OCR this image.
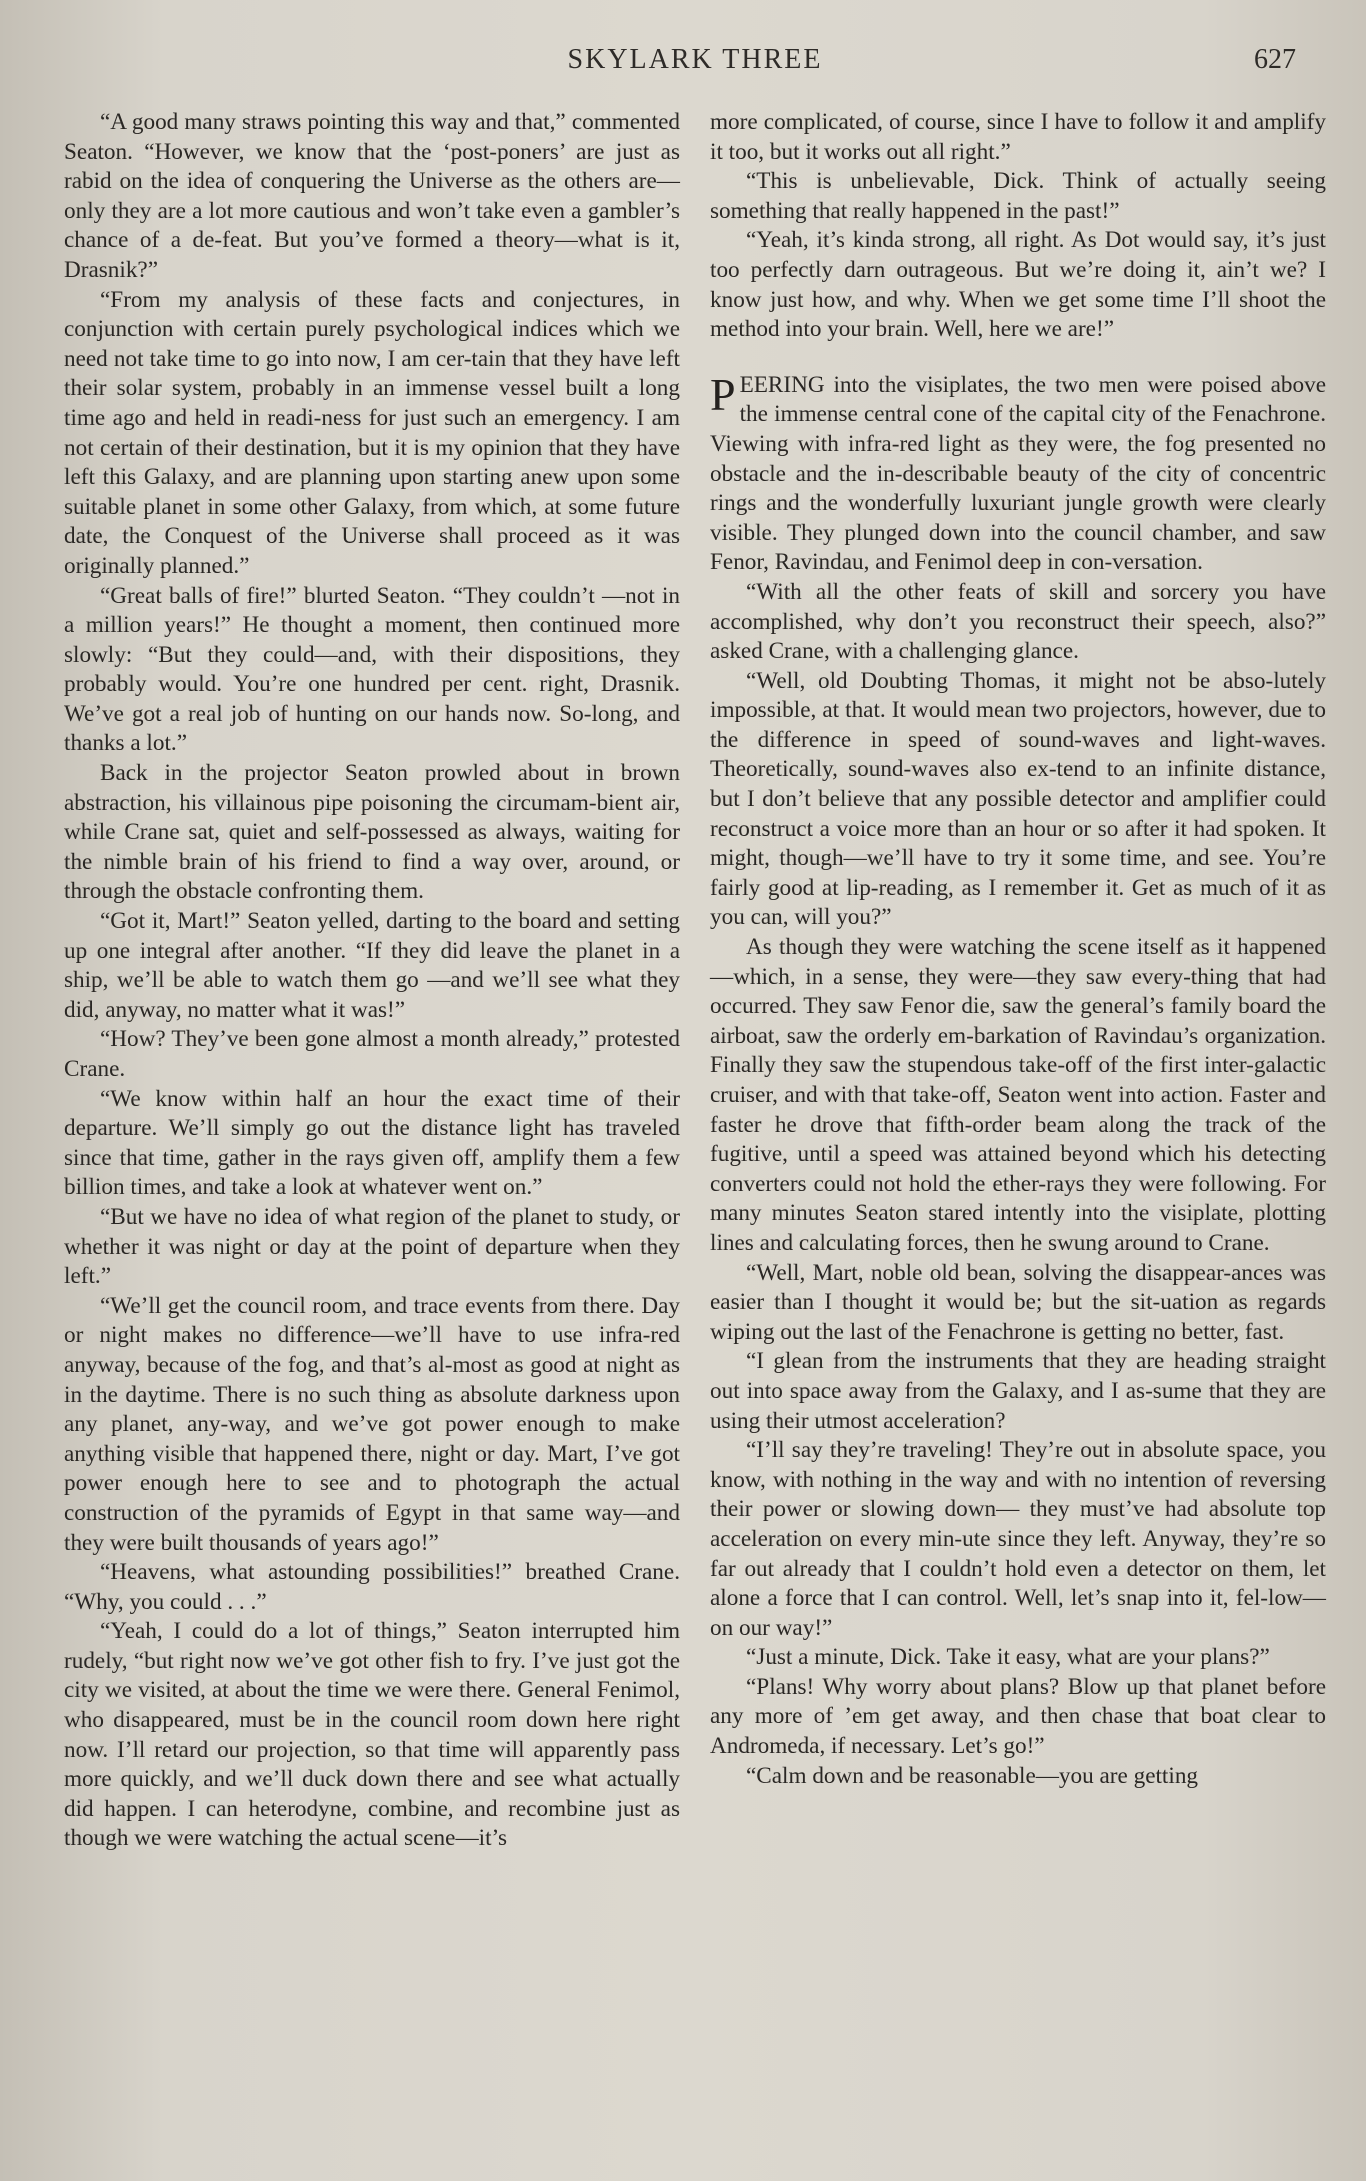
SKYLARK THREE	627

“A good many straws pointing this way and that,” commented Seaton. “However, we know that the ‘post-poners’ are just as rabid on the idea of conquering the Universe as the others are—only they are a lot more cautious and won’t take even a gambler’s chance of a de-feat. But you’ve formed a theory—what is it, Drasnik?”

“From my analysis of these facts and conjectures, in conjunction with certain purely psychological indices which we need not take time to go into now, I am cer-tain that they have left their solar system, probably in an immense vessel built a long time ago and held in readi-ness for just such an emergency. I am not certain of their destination, but it is my opinion that they have left this Galaxy, and are planning upon starting anew upon some suitable planet in some other Galaxy, from which, at some future date, the Conquest of the Universe shall proceed as it was originally planned.”

“Great balls of fire!” blurted Seaton. “They couldn’t —not in a million years!” He thought a moment, then continued more slowly: “But they could—and, with their dispositions, they probably would. You’re one hundred per cent. right, Drasnik. We’ve got a real job of hunting on our hands now. So-long, and thanks a lot.”

Back in the projector Seaton prowled about in brown abstraction, his villainous pipe poisoning the circumam-bient air, while Crane sat, quiet and self-possessed as always, waiting for the nimble brain of his friend to find a way over, around, or through the obstacle confronting them.

“Got it, Mart!” Seaton yelled, darting to the board and setting up one integral after another. “If they did leave the planet in a ship, we’ll be able to watch them go —and we’ll see what they did, anyway, no matter what it was!”

“How? They’ve been gone almost a month already,” protested Crane.

“We know within half an hour the exact time of their departure. We’ll simply go out the distance light has traveled since that time, gather in the rays given off, amplify them a few billion times, and take a look at whatever went on.”

“But we have no idea of what region of the planet to study, or whether it was night or day at the point of departure when they left.”

“We’ll get the council room, and trace events from there. Day or night makes no difference—we’ll have to use infra-red anyway, because of the fog, and that’s al-most as good at night as in the daytime. There is no such thing as absolute darkness upon any planet, any-way, and we’ve got power enough to make anything visible that happened there, night or day. Mart, I’ve got power enough here to see and to photograph the actual construction of the pyramids of Egypt in that same way—and they were built thousands of years ago!”

“Heavens, what astounding possibilities!” breathed Crane. “Why, you could . . .”

“Yeah, I could do a lot of things,” Seaton interrupted him rudely, “but right now we’ve got other fish to fry. I’ve just got the city we visited, at about the time we were there. General Fenimol, who disappeared, must be in the council room down here right now. I’ll retard our projection, so that time will apparently pass more quickly, and we’ll duck down there and see what actually did happen. I can heterodyne, combine, and recombine just as though we were watching the actual scene—it’s

more complicated, of course, since I have to follow it and amplify it too, but it works out all right.”

“This is unbelievable, Dick. Think of actually seeing something that really happened in the past!”

“Yeah, it’s kinda strong, all right. As Dot would say, it’s just too perfectly darn outrageous. But we’re doing it, ain’t we? I know just how, and why. When we get some time I’ll shoot the method into your brain. Well, here we are!”

PEERING into the visiplates, the two men were poised above the immense central cone of the capital city of the Fenachrone. Viewing with infra-red light as they were, the fog presented no obstacle and the in-describable beauty of the city of concentric rings and the wonderfully luxuriant jungle growth were clearly visible. They plunged down into the council chamber, and saw Fenor, Ravindau, and Fenimol deep in con-versation.

“With all the other feats of skill and sorcery you have accomplished, why don’t you reconstruct their speech, also?” asked Crane, with a challenging glance.

“Well, old Doubting Thomas, it might not be abso-lutely impossible, at that. It would mean two projectors, however, due to the difference in speed of sound-waves and light-waves. Theoretically, sound-waves also ex-tend to an infinite distance, but I don’t believe that any possible detector and amplifier could reconstruct a voice more than an hour or so after it had spoken. It might, though—we’ll have to try it some time, and see. You’re fairly good at lip-reading, as I remember it. Get as much of it as you can, will you?”

As though they were watching the scene itself as it happened—which, in a sense, they were—they saw every-thing that had occurred. They saw Fenor die, saw the general’s family board the airboat, saw the orderly em-barkation of Ravindau’s organization. Finally they saw the stupendous take-off of the first inter-galactic cruiser, and with that take-off, Seaton went into action. Faster and faster he drove that fifth-order beam along the track of the fugitive, until a speed was attained beyond which his detecting converters could not hold the ether-rays they were following. For many minutes Seaton stared intently into the visiplate, plotting lines and calculating forces, then he swung around to Crane.

“Well, Mart, noble old bean, solving the disappear-ances was easier than I thought it would be; but the sit-uation as regards wiping out the last of the Fenachrone is getting no better, fast.

“I glean from the instruments that they are heading straight out into space away from the Galaxy, and I as-sume that they are using their utmost acceleration?

“I’ll say they’re traveling! They’re out in absolute space, you know, with nothing in the way and with no intention of reversing their power or slowing down— they must’ve had absolute top acceleration on every min-ute since they left. Anyway, they’re so far out already that I couldn’t hold even a detector on them, let alone a force that I can control. Well, let’s snap into it, fel-low—on our way!”

“Just a minute, Dick. Take it easy, what are your plans?”

“Plans! Why worry about plans? Blow up that planet before any more of ’em get away, and then chase that boat clear to Andromeda, if necessary. Let’s go!”

“Calm down and be reasonable—you are getting
